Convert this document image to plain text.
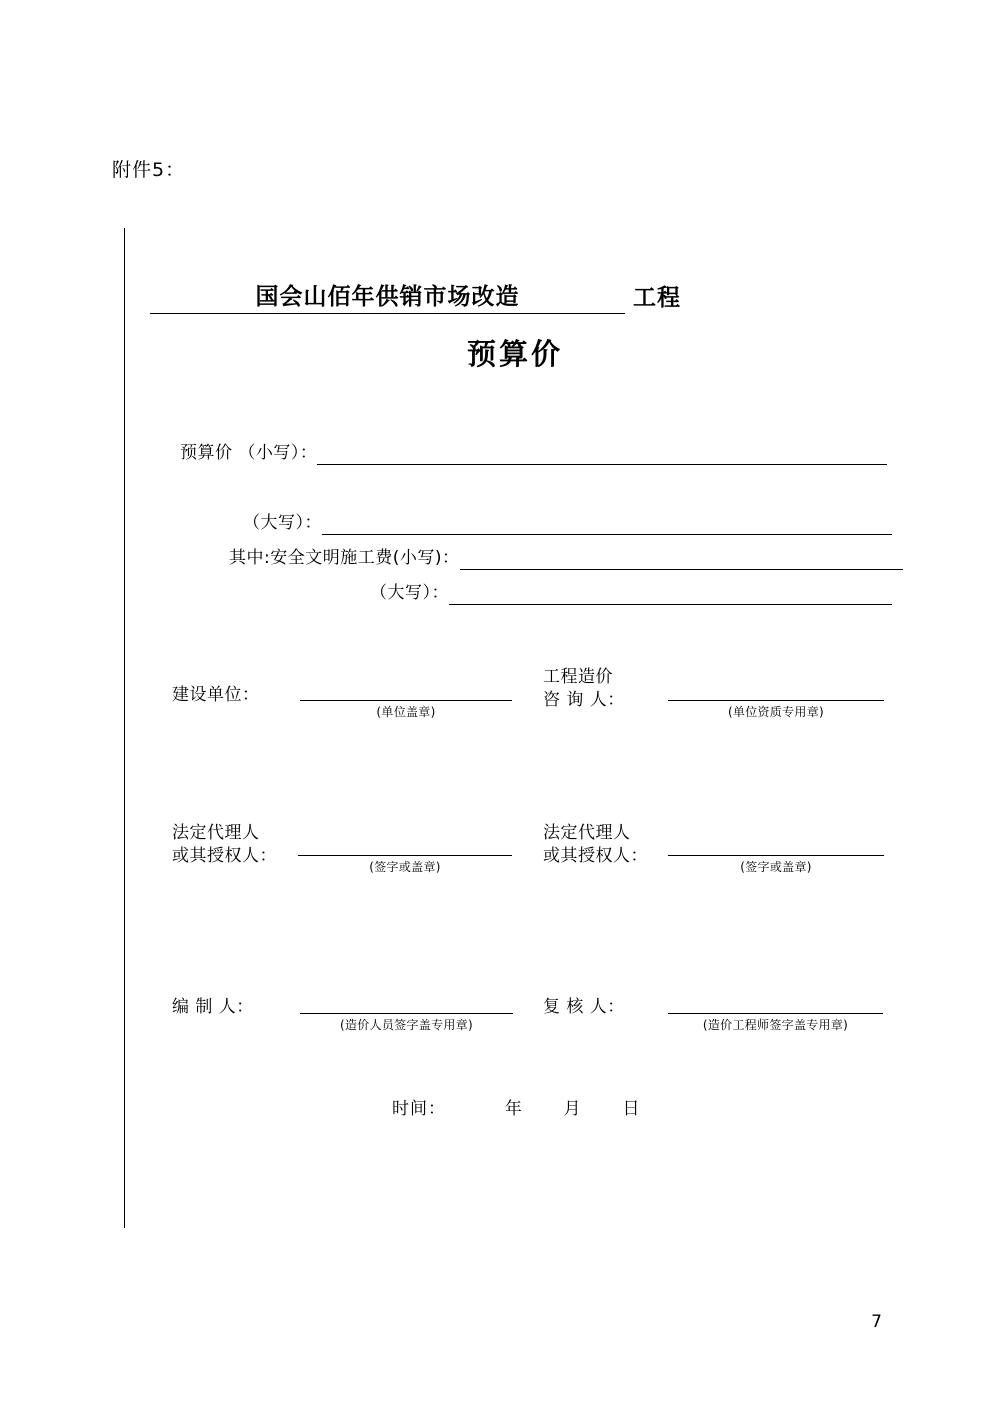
附件5：
国会山佰年供销市场改造	工程
预算价
预算价 （小写）：
（大写）：
其中:安全文明施工费(小写)：
（大写）：
建设单位：
(单位盖章)
工程造价
咨 询 人：
(单位资质专用章)
法定代理人
或其授权人：
(签字或盖章)
法定代理人
或其授权人：
(签字或盖章)
编 制 人：
(造价人员签字盖专用章)
复 核 人：
(造价工程师签字盖专用章)
时间：	年 月 日
7
